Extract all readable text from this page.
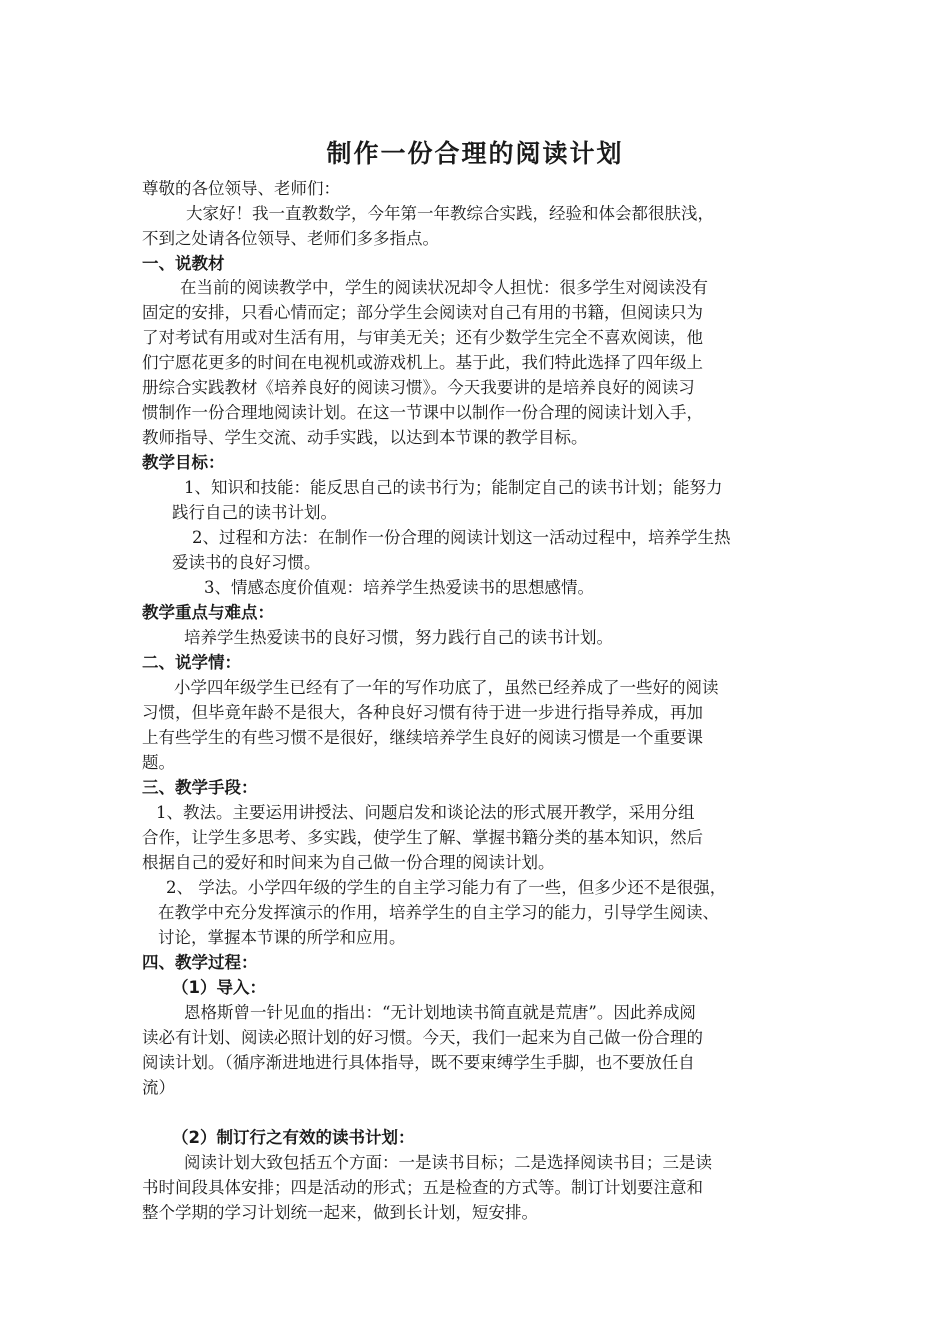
制作一份合理的阅读计划
尊敬的各位领导、老师们：
大家好！我一直教数学，今年第一年教综合实践，经验和体会都很肤浅，
不到之处请各位领导、老师们多多指点。
一、说教材
在当前的阅读教学中，学生的阅读状况却令人担忧：很多学生对阅读没有
固定的安排，只看心情而定；部分学生会阅读对自己有用的书籍，但阅读只为
了对考试有用或对生活有用，与审美无关；还有少数学生完全不喜欢阅读，他
们宁愿花更多的时间在电视机或游戏机上。基于此，我们特此选择了四年级上
册综合实践教材《培养良好的阅读习惯》。今天我要讲的是培养良好的阅读习
惯制作一份合理地阅读计划。在这一节课中以制作一份合理的阅读计划入手，
教师指导、学生交流、动手实践，以达到本节课的教学目标。
教学目标：
1、知识和技能：能反思自己的读书行为；能制定自己的读书计划；能努力
践行自己的读书计划。
2、过程和方法：在制作一份合理的阅读计划这一活动过程中，培养学生热
爱读书的良好习惯。
3、情感态度价值观：培养学生热爱读书的思想感情。
教学重点与难点：
培养学生热爱读书的良好习惯，努力践行自己的读书计划。
二、说学情：
小学四年级学生已经有了一年的写作功底了，虽然已经养成了一些好的阅读
习惯，但毕竟年龄不是很大，各种良好习惯有待于进一步进行指导养成，再加
上有些学生的有些习惯不是很好，继续培养学生良好的阅读习惯是一个重要课
题。
三、教学手段：
1、教法。主要运用讲授法、问题启发和谈论法的形式展开教学，采用分组
合作，让学生多思考、多实践，使学生了解、掌握书籍分类的基本知识，然后
根据自己的爱好和时间来为自己做一份合理的阅读计划。
2、 学法。小学四年级的学生的自主学习能力有了一些，但多少还不是很强，
在教学中充分发挥演示的作用，培养学生的自主学习的能力，引导学生阅读、
讨论，掌握本节课的所学和应用。
四、教学过程：
（1）导入：
恩格斯曾一针见血的指出：“无计划地读书简直就是荒唐”。因此养成阅
读必有计划、阅读必照计划的好习惯。今天，我们一起来为自己做一份合理的
阅读计划。（循序渐进地进行具体指导，既不要束缚学生手脚，也不要放任自
流）
（2）制订行之有效的读书计划：
阅读计划大致包括五个方面：一是读书目标；二是选择阅读书目；三是读
书时间段具体安排；四是活动的形式；五是检查的方式等。制订计划要注意和
整个学期的学习计划统一起来，做到长计划，短安排。
